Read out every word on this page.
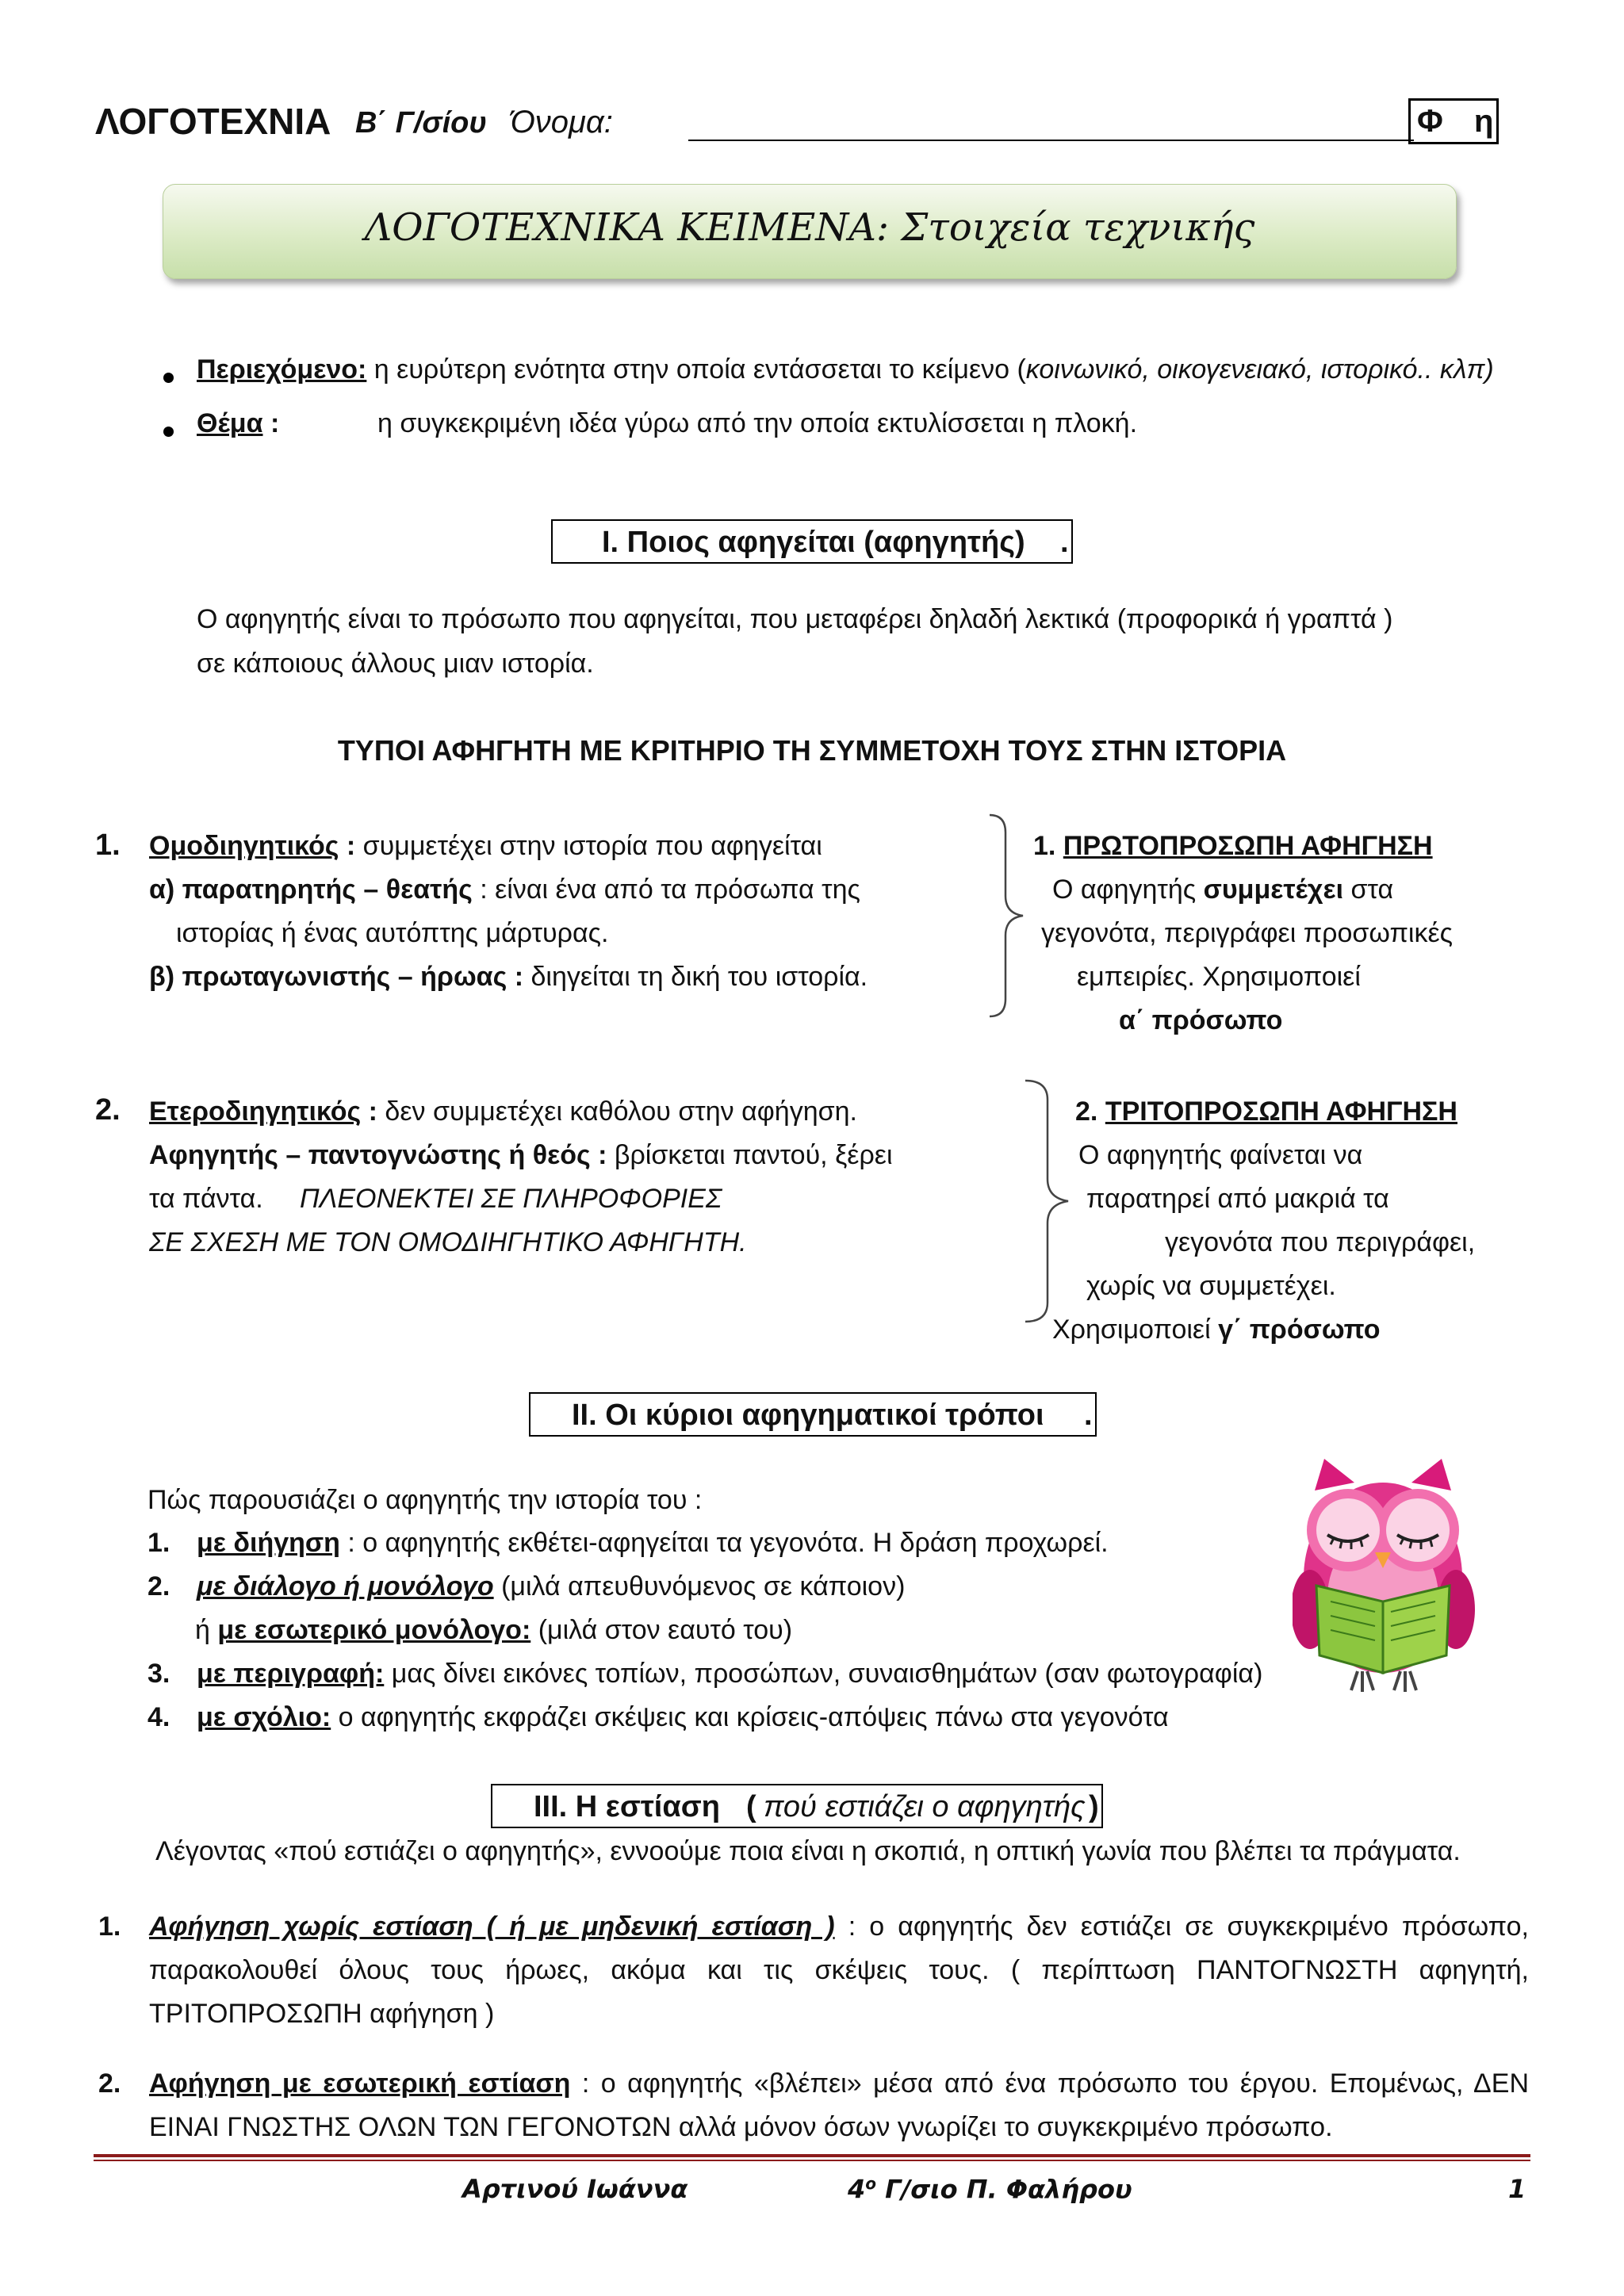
ΛΟΓΟΤΕΧΝΙΑ Β΄ Γ/σίου Όνομα:	Φ η
ΛΟΓΟΤΕΧΝΙΚΑ ΚΕΙΜΕΝΑ: Στοιχεία τεχνικής
Περιεχόμενο: η ευρύτερη ενότητα στην οποία εντάσσεται το κείμενο (κοινωνικό, οικογενειακό, ιστορικό.. κλπ)
Θέμα :	η συγκεκριμένη ιδέα γύρω από την οποία εκτυλίσσεται η πλοκή.
Ι. Ποιος αφηγείται (αφηγητής) .
Ο αφηγητής είναι το πρόσωπο που αφηγείται, που μεταφέρει δηλαδή λεκτικά (προφορικά ή γραπτά )
σε κάποιους άλλους μιαν ιστορία.
ΤΥΠΟΙ ΑΦΗΓΗΤΗ ΜΕ ΚΡΙΤΗΡΙΟ ΤΗ ΣΥΜΜΕΤΟΧΗ ΤΟΥΣ ΣΤΗΝ ΙΣΤΟΡΙΑ
1. Ομοδιηγητικός : συμμετέχει στην ιστορία που αφηγείται
α) παρατηρητής – θεατής : είναι ένα από τα πρόσωπα της
ιστορίας ή ένας αυτόπτης μάρτυρας.
β) πρωταγωνιστής – ήρωας : διηγείται τη δική του ιστορία.
1. ΠΡΩΤΟΠΡΟΣΩΠΗ ΑΦΗΓΗΣΗ
Ο αφηγητής συμμετέχει στα
γεγονότα, περιγράφει προσωπικές
εμπειρίες. Χρησιμοποιεί
α΄ πρόσωπο
2. Ετεροδιηγητικός : δεν συμμετέχει καθόλου στην αφήγηση.
Αφηγητής – παντογνώστης ή θεός : βρίσκεται παντού, ξέρει
τα πάντα. ΠΛΕΟΝΕΚΤΕΙ ΣΕ ΠΛΗΡΟΦΟΡΙΕΣ
ΣΕ ΣΧΕΣΗ ΜΕ ΤΟΝ ΟΜΟΔΙΗΓΗΤΙΚΟ ΑΦΗΓΗΤΗ.
2. ΤΡΙΤΟΠΡΟΣΩΠΗ ΑΦΗΓΗΣΗ
Ο αφηγητής φαίνεται να
παρατηρεί από μακριά τα
γεγονότα που περιγράφει,
χωρίς να συμμετέχει.
Χρησιμοποιεί γ΄ πρόσωπο
ΙΙ. Οι κύριοι αφηγηματικοί τρόποι .
Πώς παρουσιάζει ο αφηγητής την ιστορία του :
1. με διήγηση : ο αφηγητής εκθέτει-αφηγείται τα γεγονότα. Η δράση προχωρεί.
2. με διάλογο ή μονόλογο (μιλά απευθυνόμενος σε κάποιον)
ή με εσωτερικό μονόλογο: (μιλά στον εαυτό του)
3. με περιγραφή: μας δίνει εικόνες τοπίων, προσώπων, συναισθημάτων (σαν φωτογραφία)
4. με σχόλιο: ο αφηγητής εκφράζει σκέψεις και κρίσεις-απόψεις πάνω στα γεγονότα
ΙΙΙ. Η εστίαση ( πού εστιάζει ο αφηγητής )
Λέγοντας «πού εστιάζει ο αφηγητής», εννοούμε ποια είναι η σκοπιά, η οπτική γωνία που βλέπει τα πράγματα.
1. Αφήγηση χωρίς εστίαση ( ή με μηδενική εστίαση ) : ο αφηγητής δεν εστιάζει σε συγκεκριμένο πρόσωπο,
παρακολουθεί όλους τους ήρωες, ακόμα και τις σκέψεις τους. ( περίπτωση ΠΑΝΤΟΓΝΩΣΤΗ αφηγητή,
ΤΡΙΤΟΠΡΟΣΩΠΗ αφήγηση )
2. Αφήγηση με εσωτερική εστίαση : ο αφηγητής «βλέπει» μέσα από ένα πρόσωπο του έργου. Επομένως, ΔΕΝ
ΕΙΝΑΙ ΓΝΩΣΤΗΣ ΟΛΩΝ ΤΩΝ ΓΕΓΟΝΟΤΩΝ αλλά μόνον όσων γνωρίζει το συγκεκριμένο πρόσωπο.
Αρτινού Ιωάννα	$4^o$ Γ/σιο Π. Φαλήρου	1
